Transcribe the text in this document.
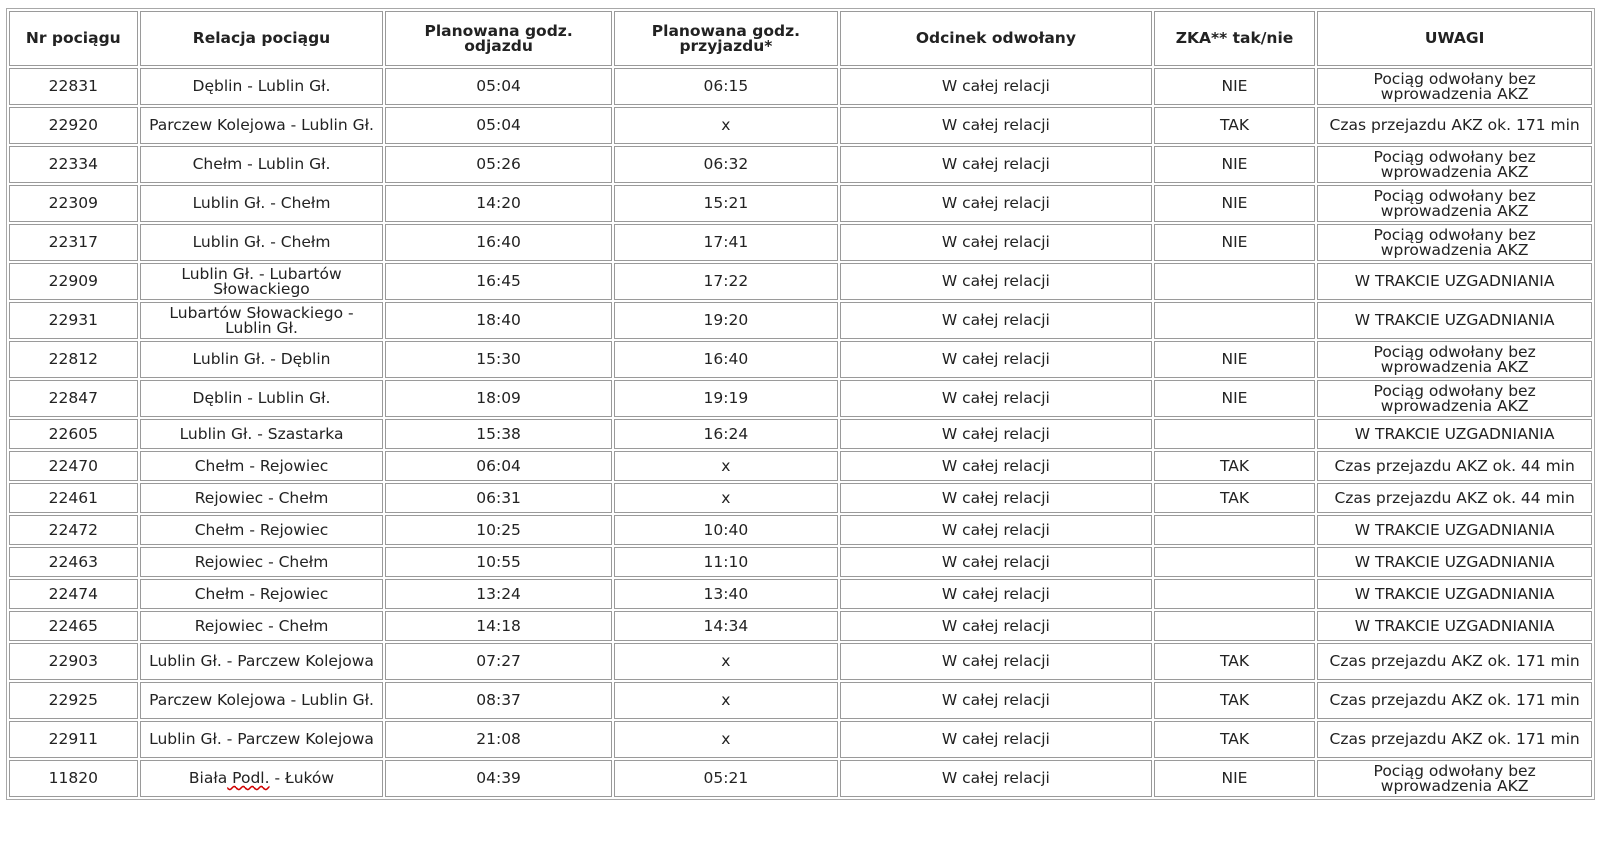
Nr pociągu	Relacja pociągu	Planowana godz. odjazdu	Planowana godz. przyjazdu*	Odcinek odwołany	ZKA** tak/nie	UWAGI
22831	Dęblin - Lublin Gł.	05:04	06:15	W całej relacji	NIE	Pociąg odwołany bez wprowadzenia AKZ
22920	Parczew Kolejowa - Lublin Gł.	05:04	x	W całej relacji	TAK	Czas przejazdu AKZ ok. 171 min
22334	Chełm - Lublin Gł.	05:26	06:32	W całej relacji	NIE	Pociąg odwołany bez wprowadzenia AKZ
22309	Lublin Gł. - Chełm	14:20	15:21	W całej relacji	NIE	Pociąg odwołany bez wprowadzenia AKZ
22317	Lublin Gł. - Chełm	16:40	17:41	W całej relacji	NIE	Pociąg odwołany bez wprowadzenia AKZ
22909	Lublin Gł. - Lubartów Słowackiego	16:45	17:22	W całej relacji		W TRAKCIE UZGADNIANIA
22931	Lubartów Słowackiego - Lublin Gł.	18:40	19:20	W całej relacji		W TRAKCIE UZGADNIANIA
22812	Lublin Gł. - Dęblin	15:30	16:40	W całej relacji	NIE	Pociąg odwołany bez wprowadzenia AKZ
22847	Dęblin - Lublin Gł.	18:09	19:19	W całej relacji	NIE	Pociąg odwołany bez wprowadzenia AKZ
22605	Lublin Gł. - Szastarka	15:38	16:24	W całej relacji		W TRAKCIE UZGADNIANIA
22470	Chełm - Rejowiec	06:04	x	W całej relacji	TAK	Czas przejazdu AKZ ok. 44 min
22461	Rejowiec - Chełm	06:31	x	W całej relacji	TAK	Czas przejazdu AKZ ok. 44 min
22472	Chełm - Rejowiec	10:25	10:40	W całej relacji		W TRAKCIE UZGADNIANIA
22463	Rejowiec - Chełm	10:55	11:10	W całej relacji		W TRAKCIE UZGADNIANIA
22474	Chełm - Rejowiec	13:24	13:40	W całej relacji		W TRAKCIE UZGADNIANIA
22465	Rejowiec - Chełm	14:18	14:34	W całej relacji		W TRAKCIE UZGADNIANIA
22903	Lublin Gł. - Parczew Kolejowa	07:27	x	W całej relacji	TAK	Czas przejazdu AKZ ok. 171 min
22925	Parczew Kolejowa - Lublin Gł.	08:37	x	W całej relacji	TAK	Czas przejazdu AKZ ok. 171 min
22911	Lublin Gł. - Parczew Kolejowa	21:08	x	W całej relacji	TAK	Czas przejazdu AKZ ok. 171 min
11820	Biała Podl. - Łuków	04:39	05:21	W całej relacji	NIE	Pociąg odwołany bez wprowadzenia AKZ
